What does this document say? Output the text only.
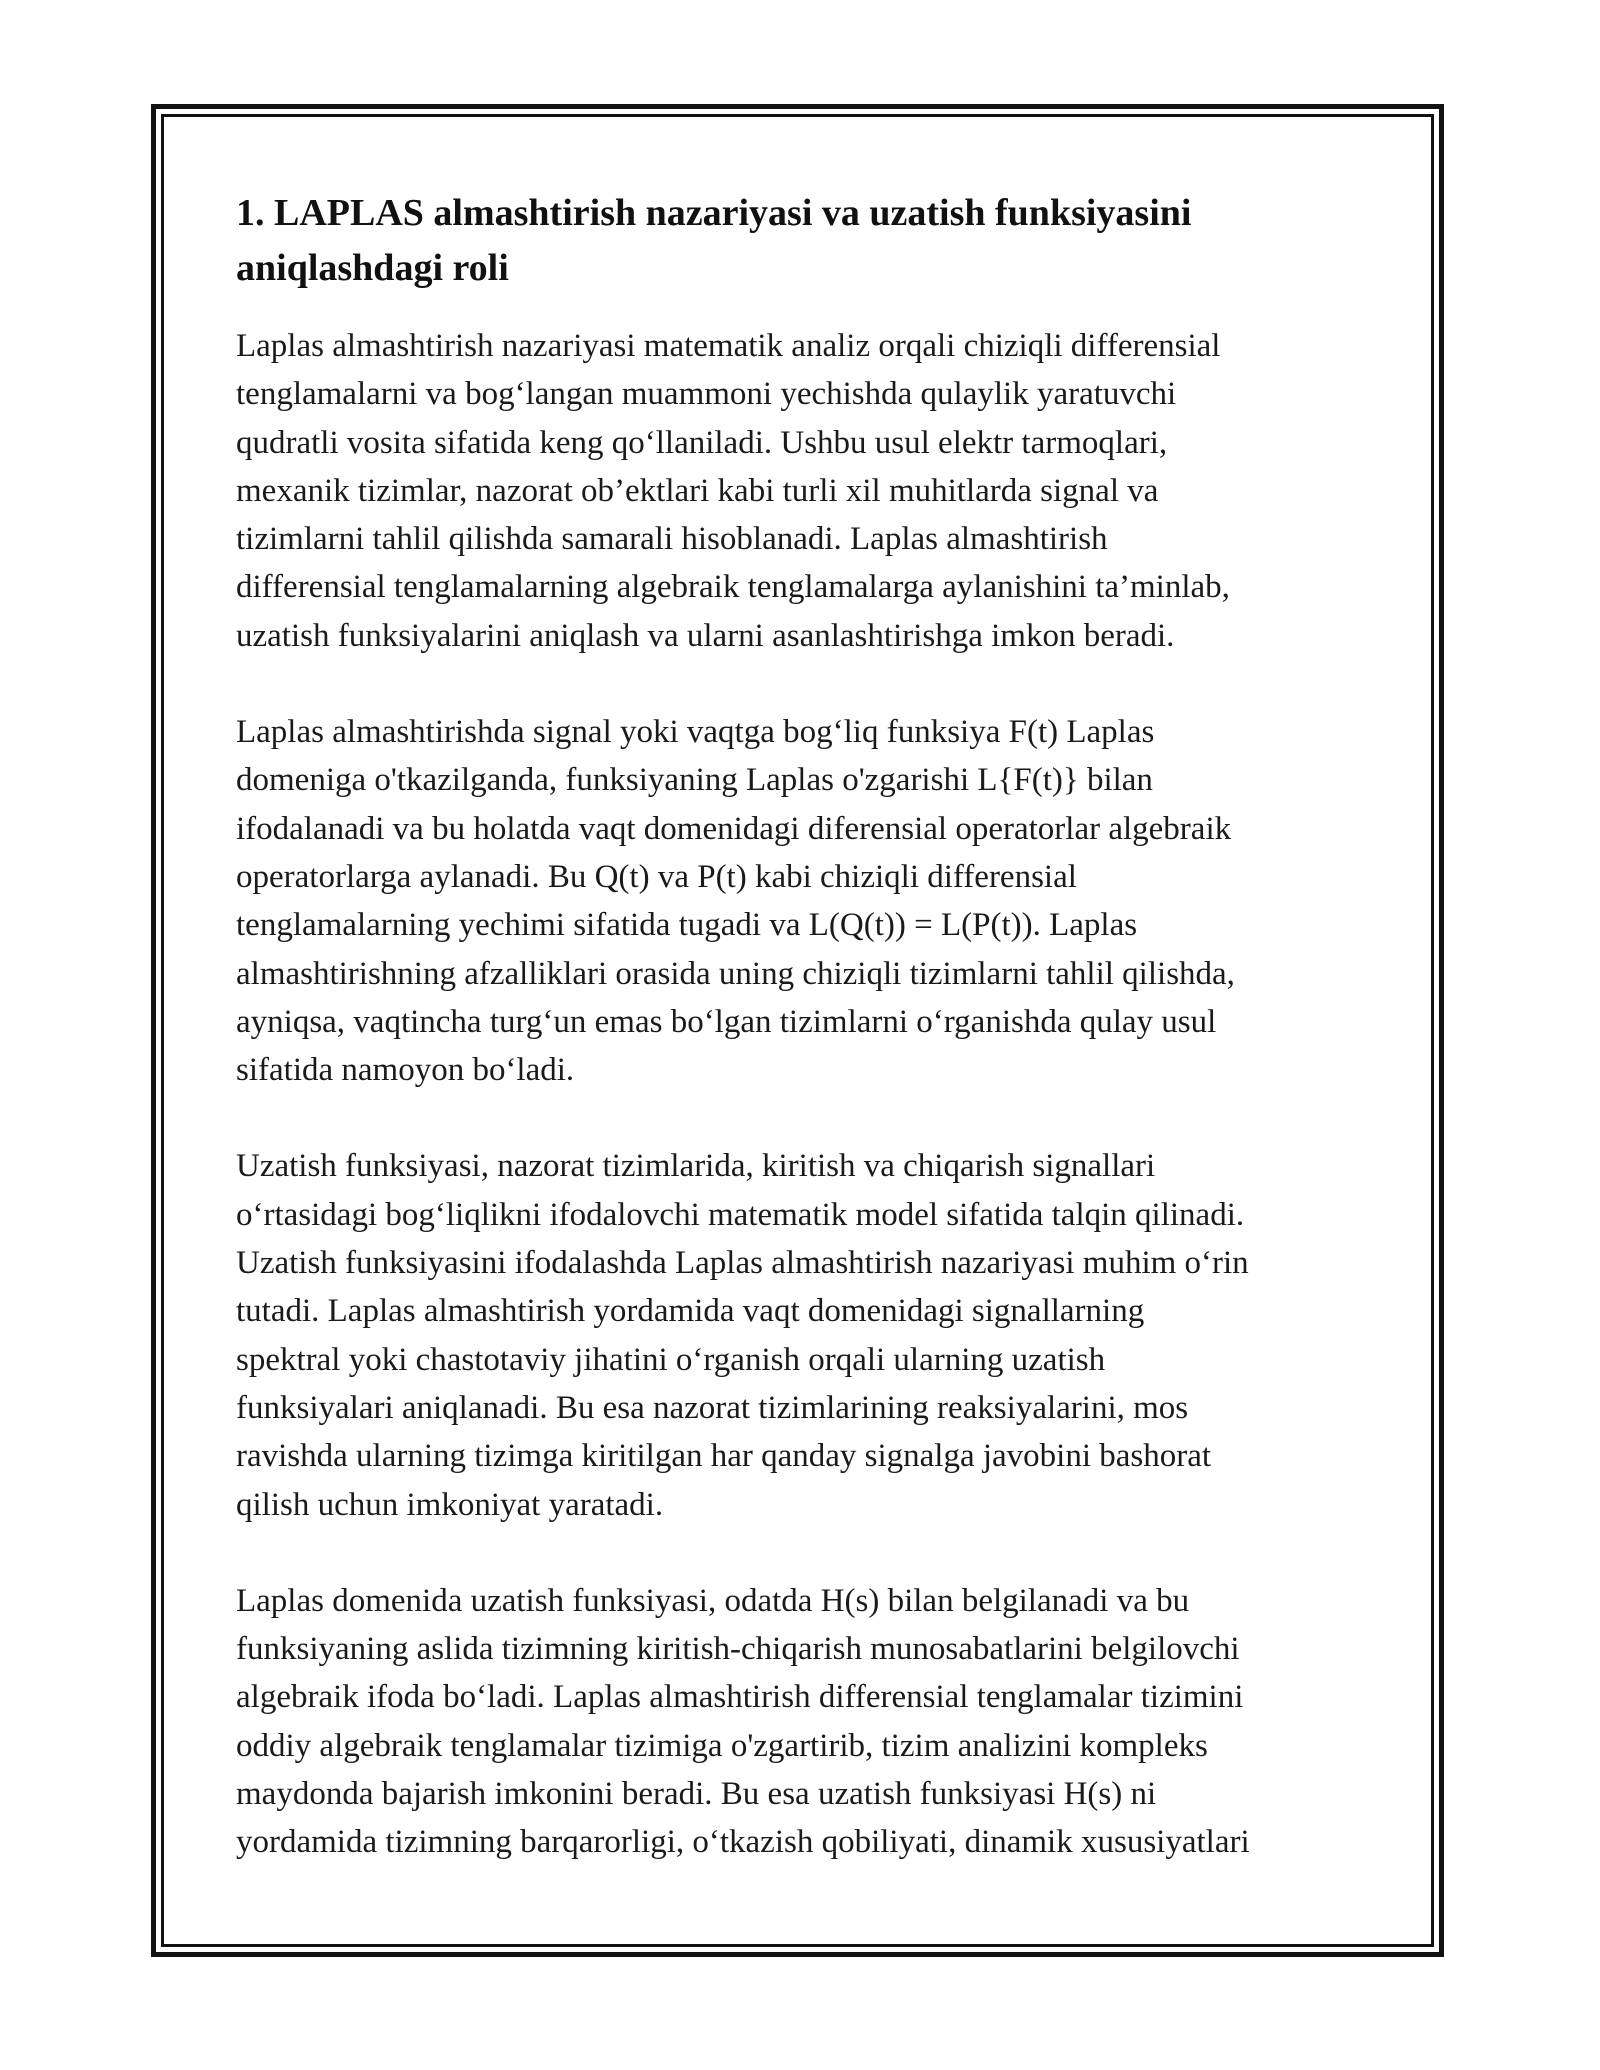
1. LAPLAS almashtirish nazariyasi va uzatish funksiyasini
aniqlashdagi roli

Laplas almashtirish nazariyasi matematik analiz orqali chiziqli differensial
tenglamalarni va bog‘langan muammoni yechishda qulaylik yaratuvchi
qudratli vosita sifatida keng qo‘llaniladi. Ushbu usul elektr tarmoqlari,
mexanik tizimlar, nazorat ob’ektlari kabi turli xil muhitlarda signal va
tizimlarni tahlil qilishda samarali hisoblanadi. Laplas almashtirish
differensial tenglamalarning algebraik tenglamalarga aylanishini ta’minlab,
uzatish funksiyalarini aniqlash va ularni asanlashtirishga imkon beradi.

Laplas almashtirishda signal yoki vaqtga bog‘liq funksiya F(t) Laplas
domeniga o'tkazilganda, funksiyaning Laplas o'zgarishi L{F(t)} bilan
ifodalanadi va bu holatda vaqt domenidagi diferensial operatorlar algebraik
operatorlarga aylanadi. Bu Q(t) va P(t) kabi chiziqli differensial
tenglamalarning yechimi sifatida tugadi va L(Q(t)) = L(P(t)). Laplas
almashtirishning afzalliklari orasida uning chiziqli tizimlarni tahlil qilishda,
ayniqsa, vaqtincha turg‘un emas bo‘lgan tizimlarni o‘rganishda qulay usul
sifatida namoyon bo‘ladi.

Uzatish funksiyasi, nazorat tizimlarida, kiritish va chiqarish signallari
o‘rtasidagi bog‘liqlikni ifodalovchi matematik model sifatida talqin qilinadi.
Uzatish funksiyasini ifodalashda Laplas almashtirish nazariyasi muhim o‘rin
tutadi. Laplas almashtirish yordamida vaqt domenidagi signallarning
spektral yoki chastotaviy jihatini o‘rganish orqali ularning uzatish
funksiyalari aniqlanadi. Bu esa nazorat tizimlarining reaksiyalarini, mos
ravishda ularning tizimga kiritilgan har qanday signalga javobini bashorat
qilish uchun imkoniyat yaratadi.

Laplas domenida uzatish funksiyasi, odatda H(s) bilan belgilanadi va bu
funksiyaning aslida tizimning kiritish-chiqarish munosabatlarini belgilovchi
algebraik ifoda bo‘ladi. Laplas almashtirish differensial tenglamalar tizimini
oddiy algebraik tenglamalar tizimiga o'zgartirib, tizim analizini kompleks
maydonda bajarish imkonini beradi. Bu esa uzatish funksiyasi H(s) ni
yordamida tizimning barqarorligi, o‘tkazish qobiliyati, dinamik xususiyatlari
